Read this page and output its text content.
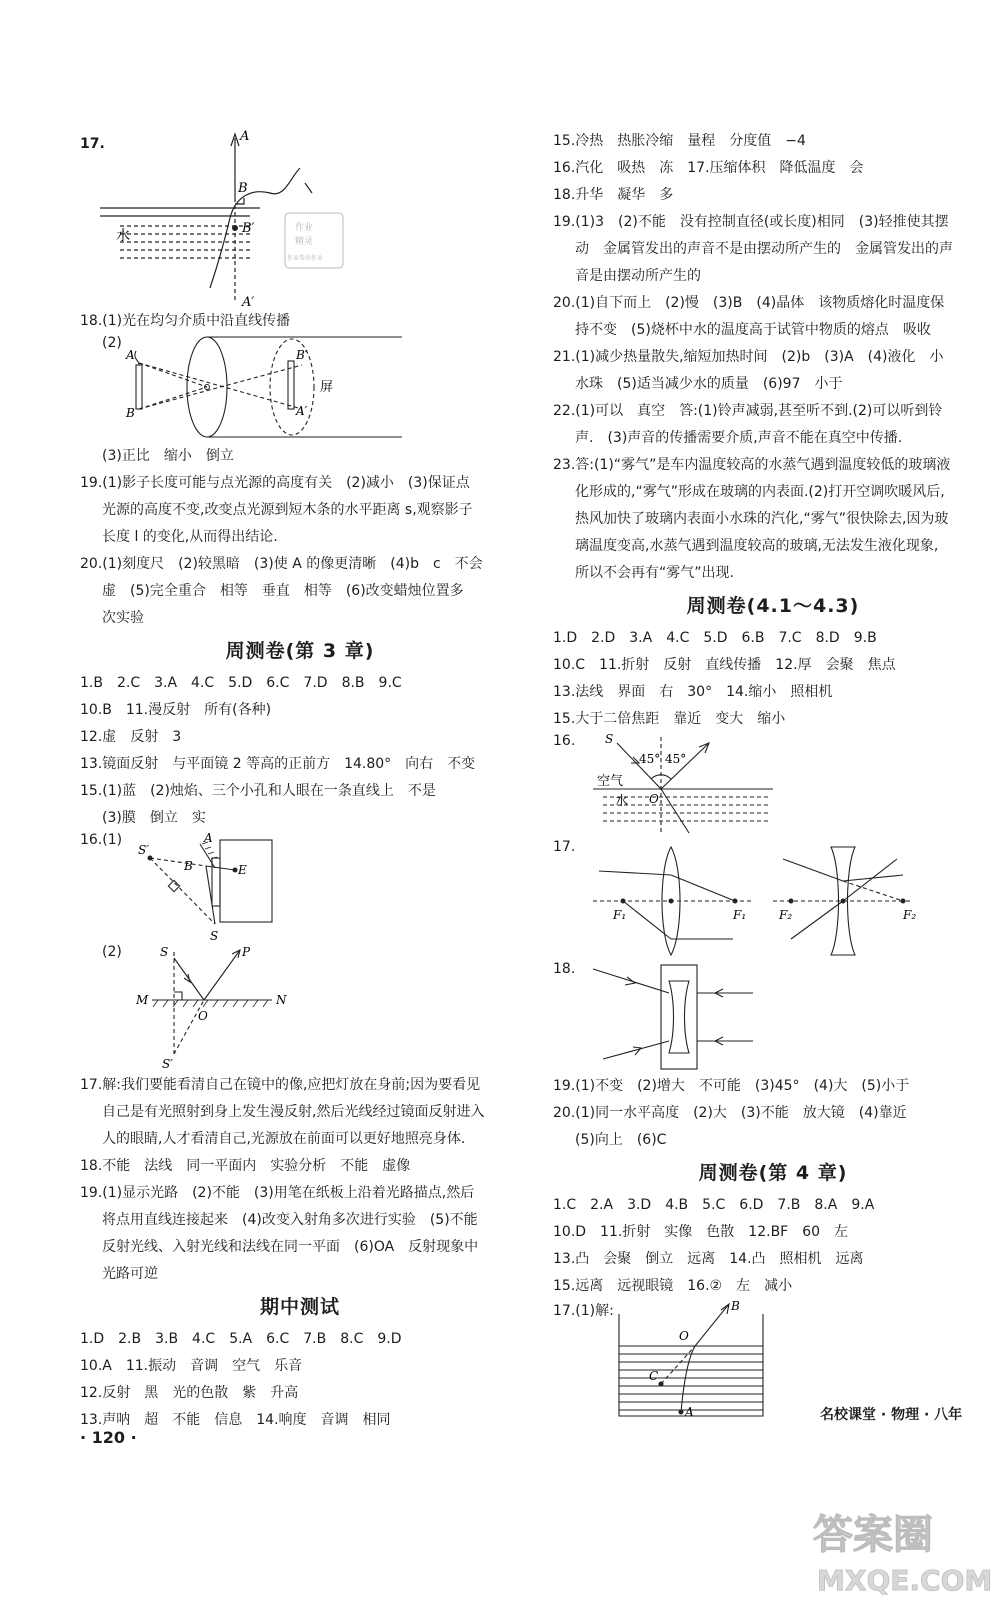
17.	A
水
B
B′
A′
作业
精灵
作业帮出作业
18.(1)光在均匀介质中沿直线传播
(2)
A
B
B′
A′
屏
(3)正比　缩小　倒立
19.(1)影子长度可能与点光源的高度有关　(2)减小　(3)保证点
光源的高度不变,改变点光源到短木条的水平距离 s,观察影子
长度 l 的变化,从而得出结论.
20.(1)刻度尺　(2)较黑暗　(3)使 A 的像更清晰　(4)b　c　不会
虚　(5)完全重合　相等　垂直　相等　(6)改变蜡烛位置多
次实验
周测卷(第 3 章)
1.B　2.C　3.A　4.C　5.D　6.C　7.D　8.B　9.C
10.B　11.漫反射　所有(各种)
12.虚　反射　3
13.镜面反射　与平面镜 2 等高的正前方　14.80°　向右　不变
15.(1)蓝　(2)烛焰、三个小孔和人眼在一条直线上　不是
(3)膜　倒立　实
16.(1)
S′
A
B	E
S
(2)	S	P
M	N
O
S′
17.解:我们要能看清自己在镜中的像,应把灯放在身前;因为要看见
自己是有光照射到身上发生漫反射,然后光线经过镜面反射进入
人的眼睛,人才看清自己,光源放在前面可以更好地照亮身体.
18.不能　法线　同一平面内　实验分析　不能　虚像
19.(1)显示光路　(2)不能　(3)用笔在纸板上沿着光路描点,然后
将点用直线连接起来　(4)改变入射角多次进行实验　(5)不能
反射光线、入射光线和法线在同一平面　(6)OA　反射现象中
光路可逆
期中测试
1.D　2.B　3.B　4.C　5.A　6.C　7.B　8.C　9.D
10.A　11.振动　音调　空气　乐音
12.反射　黑　光的色散　紫　升高
13.声呐　超　不能　信息　14.响度　音调　相同
15.冷热　热胀冷缩　量程　分度值　−4
16.汽化　吸热　冻　17.压缩体积　降低温度　会
18.升华　凝华　多
19.(1)3　(2)不能　没有控制直径(或长度)相同　(3)轻推使其摆
动　金属管发出的声音不是由摆动所产生的　金属管发出的声
音是由摆动所产生的
20.(1)自下而上　(2)慢　(3)B　(4)晶体　该物质熔化时温度保
持不变　(5)烧杯中水的温度高于试管中物质的熔点　吸收
21.(1)减少热量散失,缩短加热时间　(2)b　(3)A　(4)液化　小
水珠　(5)适当减少水的质量　(6)97　小于
22.(1)可以　真空　答:(1)铃声减弱,甚至听不到.(2)可以听到铃
声.　(3)声音的传播需要介质,声音不能在真空中传播.
23.答:(1)“雾气”是车内温度较高的水蒸气遇到温度较低的玻璃液
化形成的,“雾气”形成在玻璃的内表面.(2)打开空调吹暖风后,
热风加快了玻璃内表面小水珠的汽化,“雾气”很快除去,因为玻
璃温度变高,水蒸气遇到温度较高的玻璃,无法发生液化现象,
所以不会再有“雾气”出现.
周测卷(4.1～4.3)
1.D　2.D　3.A　4.C　5.D　6.B　7.C　8.D　9.B
10.C　11.折射　反射　直线传播　12.厚　会聚　焦点
13.法线　界面　右　30°　14.缩小　照相机
15.大于二倍焦距　靠近　变大　缩小
16. S
45° 45°
空气
水 O
17.
F₁	F₁	F₂	F₂
18.
19.(1)不变　(2)增大　不可能　(3)45°　(4)大　(5)小于
20.(1)同一水平高度　(2)大　(3)不能　放大镜　(4)靠近
(5)向上　(6)C
周测卷(第 4 章)
1.C　2.A　3.D　4.B　5.C　6.D　7.B　8.A　9.A
10.D　11.折射　实像　色散　12.BF　60　左
13.凸　会聚　倒立　远离　14.凸　照相机　远离
15.远离　远视眼镜　16.②　左　减小
17.(1)解:	B
O
C
A
· 120 ·
名校课堂 · 物理 · 八年
答案圈
MXQE.COM
